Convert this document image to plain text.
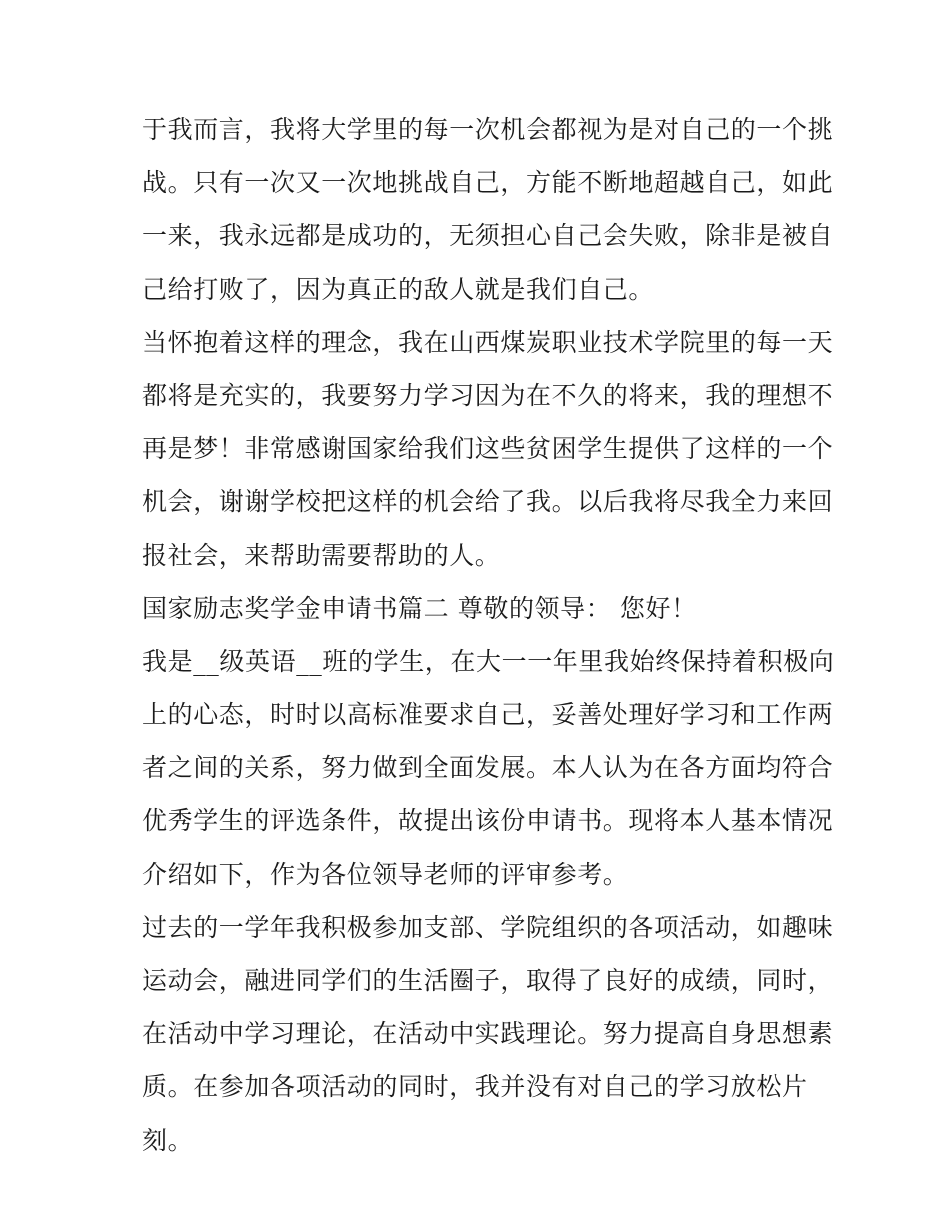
于我而言，我将大学里的每一次机会都视为是对自己的一个挑
战。只有一次又一次地挑战自己，方能不断地超越自己，如此
一来，我永远都是成功的，无须担心自己会失败，除非是被自
己给打败了，因为真正的敌人就是我们自己。
当怀抱着这样的理念，我在山西煤炭职业技术学院里的每一天
都将是充实的，我要努力学习因为在不久的将来，我的理想不
再是梦！非常感谢国家给我们这些贫困学生提供了这样的一个
机会，谢谢学校把这样的机会给了我。以后我将尽我全力来回
报社会，来帮助需要帮助的人。
国家励志奖学金申请书篇二 尊敬的领导： 您好！
我是__级英语__班的学生，在大一一年里我始终保持着积极向
上的心态，时时以高标准要求自己，妥善处理好学习和工作两
者之间的关系，努力做到全面发展。本人认为在各方面均符合
优秀学生的评选条件，故提出该份申请书。现将本人基本情况
介绍如下，作为各位领导老师的评审参考。
过去的一学年我积极参加支部、学院组织的各项活动，如趣味
运动会，融进同学们的生活圈子，取得了良好的成绩，同时，
在活动中学习理论，在活动中实践理论。努力提高自身思想素
质。在参加各项活动的同时，我并没有对自己的学习放松片
刻。
